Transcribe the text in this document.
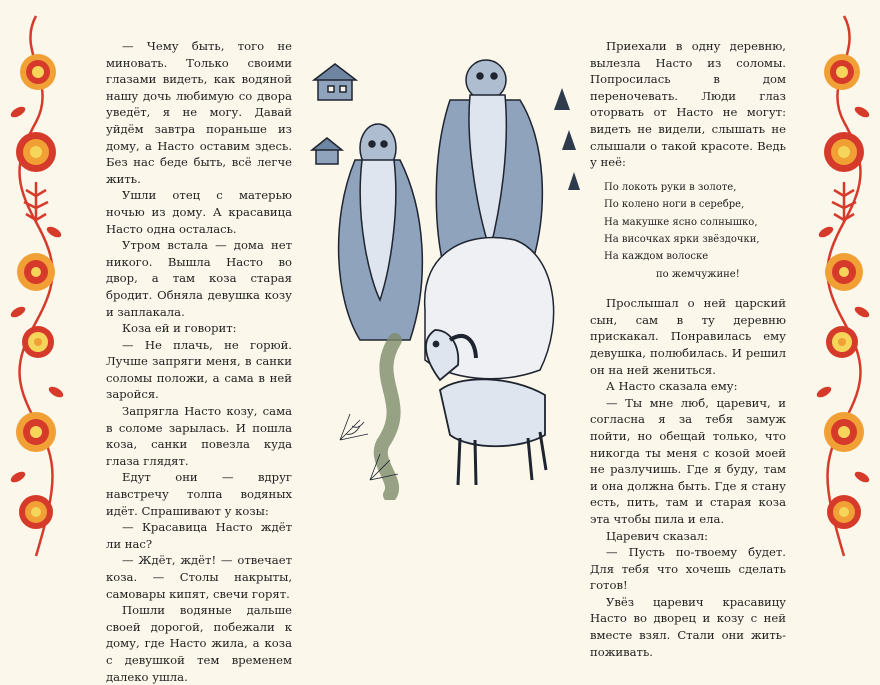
— Чему быть, того не миновать. Только своими глазами видеть, как водяной нашу дочь любимую со двора уведёт, я не могу. Давай уйдём завтра пораньше из дому, а Насто оставим здесь. Без нас беде быть, всё легче жить.

Ушли отец с матерью ночью из дому. А красавица Насто одна осталась.

Утром встала — дома нет никого. Вышла Насто во двор, а там коза старая бродит. Обняла девушка козу и заплакала.

Коза ей и говорит:

— Не плачь, не горюй. Лучше запряги меня, в санки соломы положи, а сама в ней заройся.

Запрягла Насто козу, сама в соломе зарылась. И пошла коза, санки повезла куда глаза глядят.

Едут они — вдруг навстречу толпа водяных идёт. Спрашивают у козы:

— Красавица Насто ждёт ли нас?

— Ждёт, ждёт! — отвечает коза. — Столы накрыты, самовары кипят, свечи горят.

Пошли водяные дальше своей дорогой, побежали к дому, где Насто жила, а коза с девушкой тем временем далеко ушла.

Приехали в одну деревню, вылезла Насто из соломы. Попросилась в дом переночевать. Люди глаз оторвать от Насто не могут: видеть не видели, слышать не слышали о такой красоте. Ведь у неё:

По локоть руки в золоте,
По колено ноги в серебре,
На макушке ясно солнышко,
На височках ярки звёздочки,
На каждом волоске
по жемчужине!

Прослышал о ней царский сын, сам в ту деревню прискакал. Понравилась ему девушка, полюбилась. И решил он на ней жениться.

А Насто сказала ему:

— Ты мне люб, царевич, и согласна я за тебя замуж пойти, но обещай только, что никогда ты меня с козой моей не разлучишь. Где я буду, там и она должна быть. Где я стану есть, пить, там и старая коза эта чтобы пила и ела.

Царевич сказал:

— Пусть по-твоему будет. Для тебя что хочешь сделать готов!

Увёз царевич красавицу Насто во дворец и козу с ней вместе взял. Стали они жить-поживать.
